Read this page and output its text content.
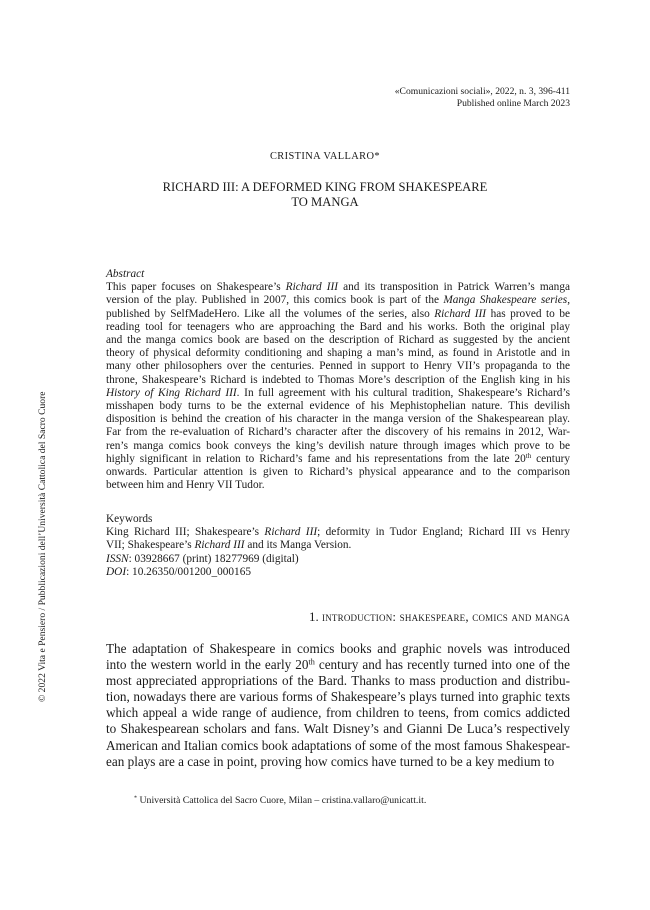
«Comunicazioni sociali», 2022, n. 3, 396-411
Published online March 2023
CRISTINA VALLARO*
RICHARD III: A DEFORMED KING FROM SHAKESPEARE
TO MANGA
Abstract
This paper focuses on Shakespeare’s Richard III and its transposition in Patrick Warren’s manga
version of the play. Published in 2007, this comics book is part of the Manga Shakespeare series,
published by SelfMadeHero. Like all the volumes of the series, also Richard III has proved to be
reading tool for teenagers who are approaching the Bard and his works. Both the original play
and the manga comics book are based on the description of Richard as suggested by the ancient
theory of physical deformity conditioning and shaping a man’s mind, as found in Aristotle and in
many other philosophers over the centuries. Penned in support to Henry VII’s propaganda to the
throne, Shakespeare’s Richard is indebted to Thomas More’s description of the English king in his
History of King Richard III. In full agreement with his cultural tradition, Shakespeare’s Richard’s
misshapen body turns to be the external evidence of his Mephistophelian nature. This devilish
disposition is behind the creation of his character in the manga version of the Shakespearean play.
Far from the re-evaluation of Richard’s character after the discovery of his remains in 2012, War-
ren’s manga comics book conveys the king’s devilish nature through images which prove to be
highly significant in relation to Richard’s fame and his representations from the late 20th century
onwards. Particular attention is given to Richard’s physical appearance and to the comparison
between him and Henry VII Tudor.
Keywords
King Richard III; Shakespeare’s Richard III; deformity in Tudor England; Richard III vs Henry
VII; Shakespeare’s Richard III and its Manga Version.
ISSN: 03928667 (print) 18277969 (digital)
DOI: 10.26350/001200_000165
1. introduction: shakespeare, comics and manga
The adaptation of Shakespeare in comics books and graphic novels was introduced
into the western world in the early 20th century and has recently turned into one of the
most appreciated appropriations of the Bard. Thanks to mass production and distribu-
tion, nowadays there are various forms of Shakespeare’s plays turned into graphic texts
which appeal a wide range of audience, from children to teens, from comics addicted
to Shakespearean scholars and fans. Walt Disney’s and Gianni De Luca’s respectively
American and Italian comics book adaptations of some of the most famous Shakespear-
ean plays are a case in point, proving how comics have turned to be a key medium to
* Università Cattolica del Sacro Cuore, Milan – cristina.vallaro@unicatt.it.
© 2022 Vita e Pensiero / Pubblicazioni dell’Università Cattolica del Sacro Cuore
